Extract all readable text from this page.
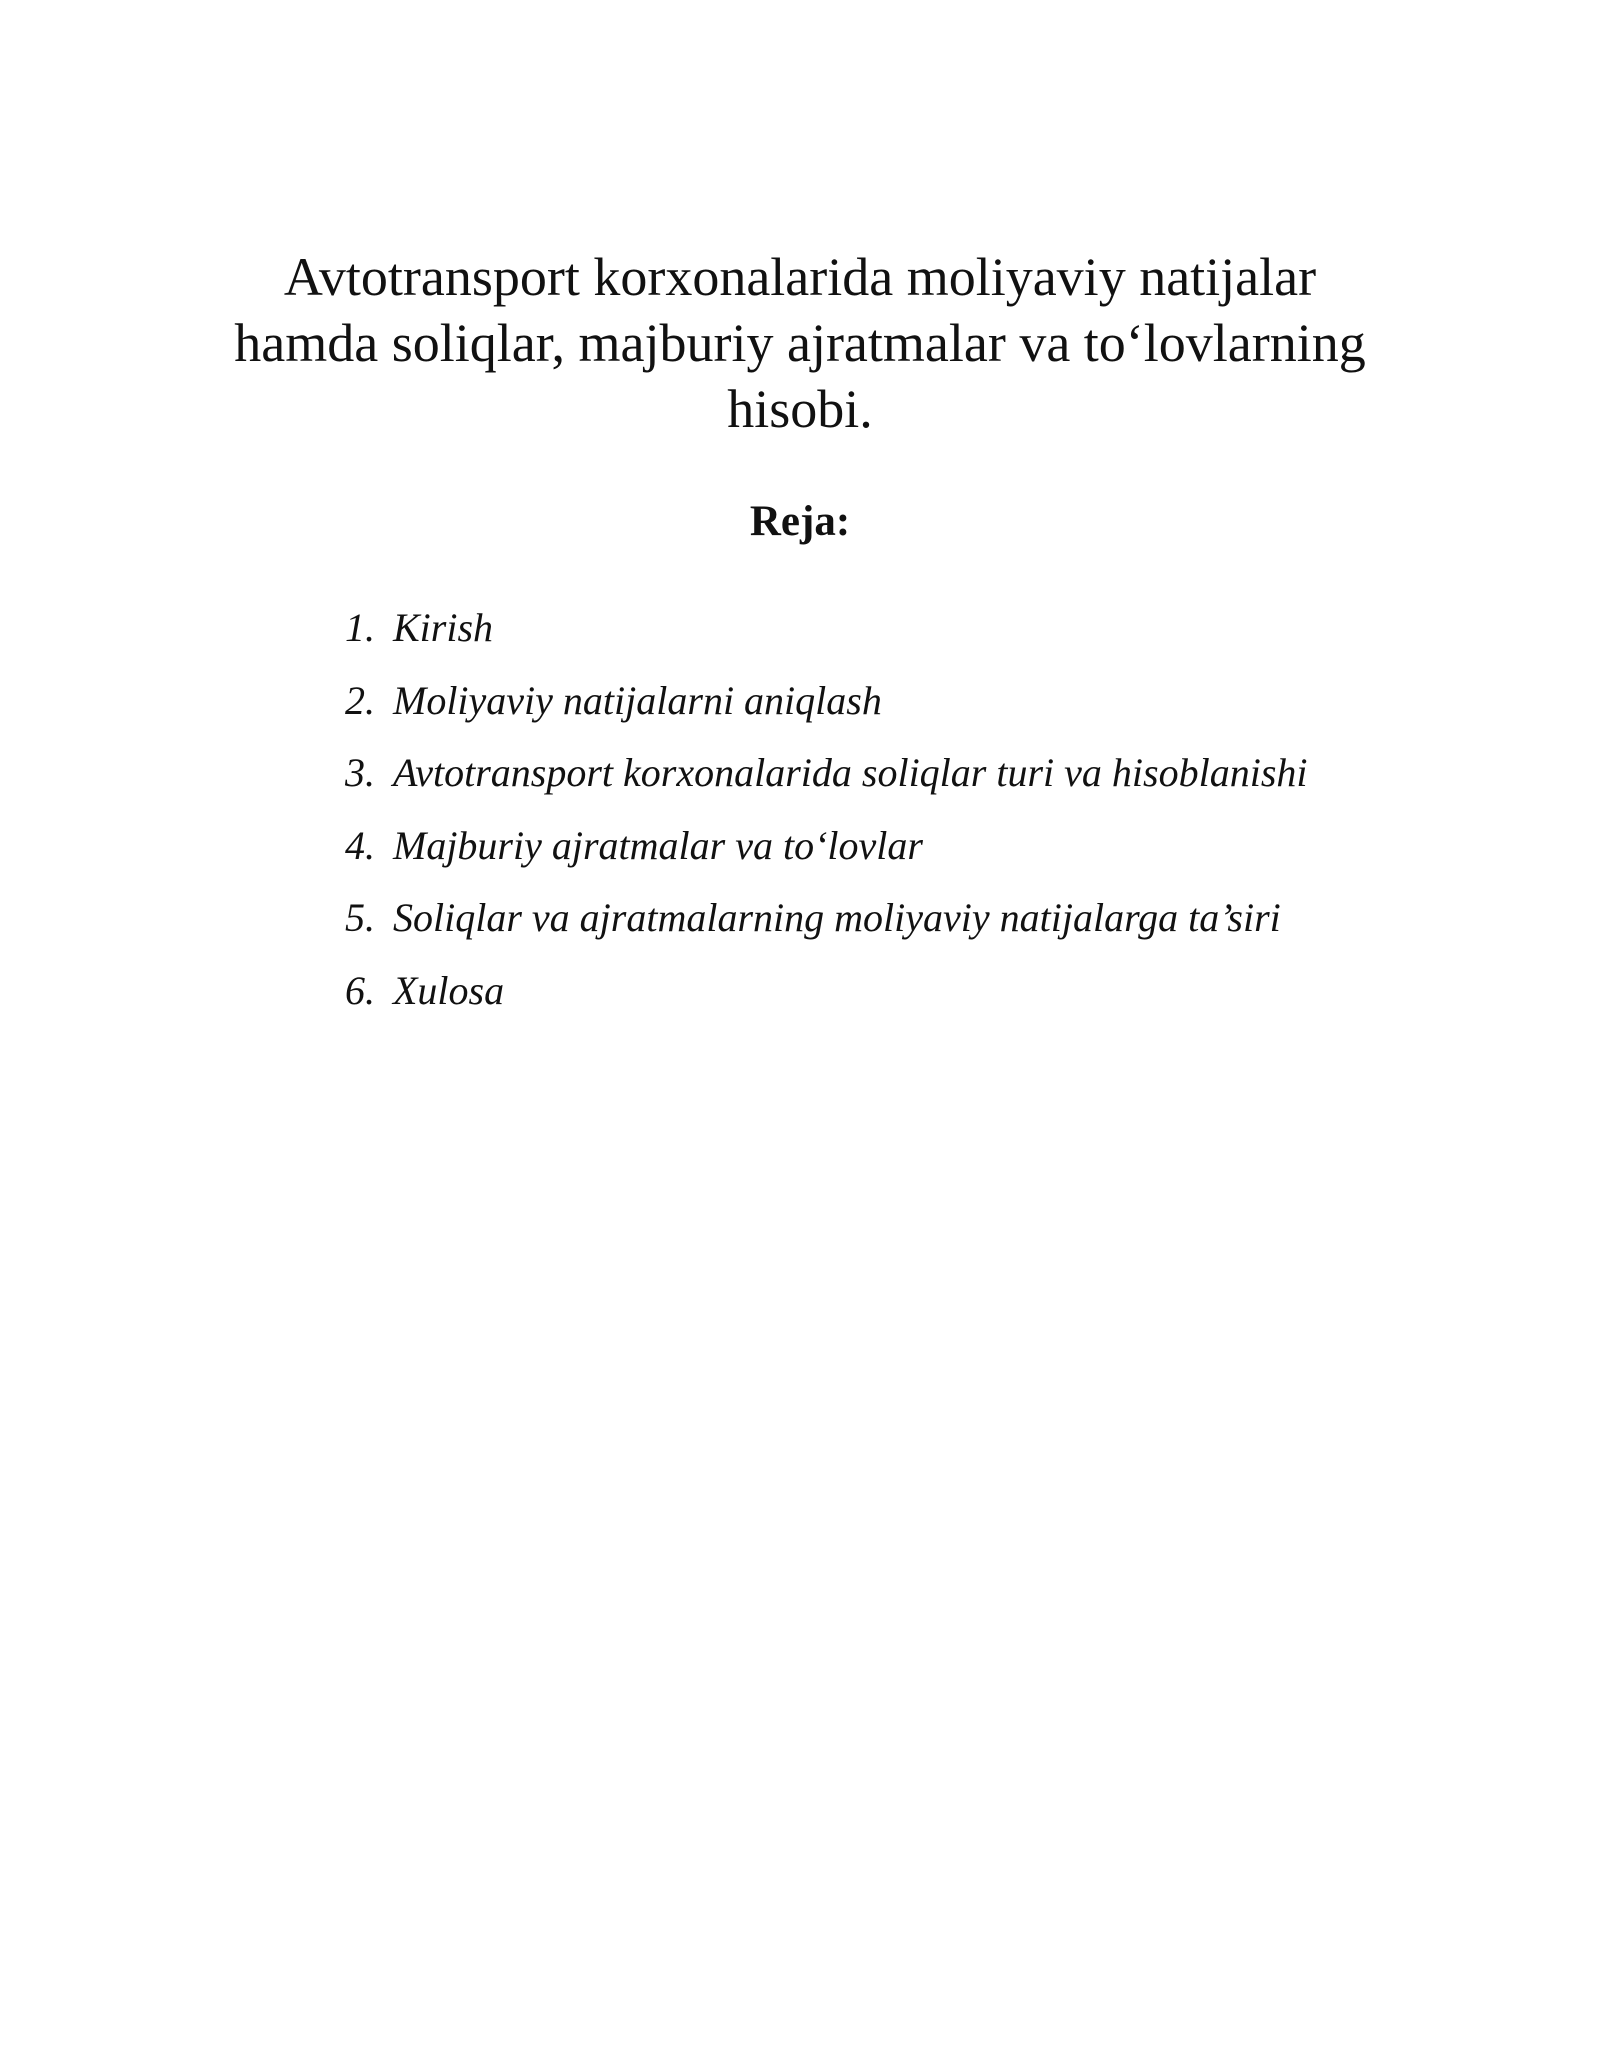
Avtotransport korxonalarida moliyaviy natijalar
hamda soliqlar, majburiy ajratmalar va to‘lovlarning
hisobi.
Reja:
1. Kirish
2. Moliyaviy natijalarni aniqlash
3. Avtotransport korxonalarida soliqlar turi va hisoblanishi
4. Majburiy ajratmalar va to‘lovlar
5. Soliqlar va ajratmalarning moliyaviy natijalarga ta’siri
6. Xulosa
